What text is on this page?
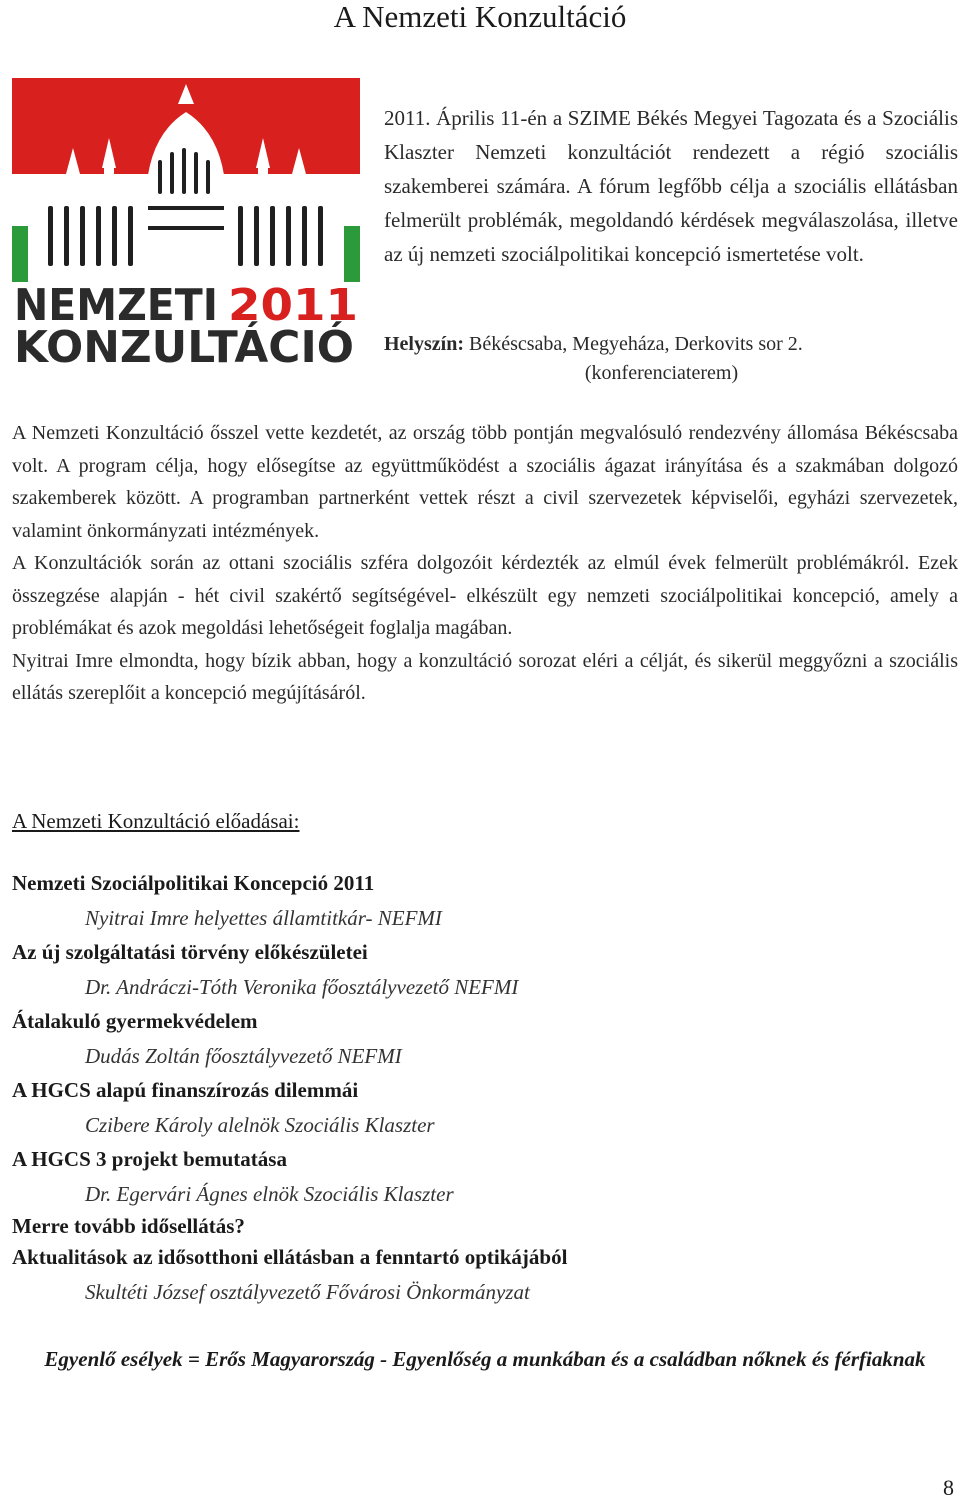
A Nemzeti Konzultáció
NEMZETI 2011
KONZULTÁCIÓ

2011. Április 11-én a SZIME Békés Megyei Tagozata és a Szociális Klaszter Nemzeti konzultációt rendezett a régió szociális szakemberei számára. A fórum legfőbb célja a szociális ellátásban felmerült problémák, megoldandó kérdések megválaszolása, illetve az új nemzeti szociálpolitikai koncepció ismertetése volt.

Helyszín: Békéscsaba, Megyeháza, Derkovits sor 2.

(konferenciaterem)

A Nemzeti Konzultáció ősszel vette kezdetét, az ország több pontján megvalósuló rendezvény állomása Békéscsaba volt. A program célja, hogy elősegítse az együttműködést a szociális ágazat irányítása és a szakmában dolgozó szakemberek között. A programban partnerként vettek részt a civil szervezetek képviselői, egyházi szervezetek, valamint önkormányzati intézmények.

A Konzultációk során az ottani szociális szféra dolgozóit kérdezték az elmúl évek felmerült problémákról. Ezek összegzése alapján - hét civil szakértő segítségével- elkészült egy nemzeti szociálpolitikai koncepció, amely a problémákat és azok megoldási lehetőségeit foglalja magában.

Nyitrai Imre elmondta, hogy bízik abban, hogy a konzultáció sorozat eléri a célját, és sikerül meggyőzni a szociális ellátás szereplőit a koncepció megújításáról.

A Nemzeti Konzultáció előadásai:

Nemzeti Szociálpolitikai Koncepció 2011

Nyitrai Imre helyettes államtitkár- NEFMI

Az új szolgáltatási törvény előkészületei

Dr. Andráczi-Tóth Veronika főosztályvezető NEFMI

Átalakuló gyermekvédelem

Dudás Zoltán főosztályvezető NEFMI

A HGCS alapú finanszírozás dilemmái

Czibere Károly alelnök Szociális Klaszter

A HGCS 3 projekt bemutatása

Dr. Egervári Ágnes elnök Szociális Klaszter

Merre tovább idősellátás?

Aktualitások az idősotthoni ellátásban a fenntartó optikájából

Skultéti József osztályvezető Fővárosi Önkormányzat

Egyenlő esélyek = Erős Magyarország - Egyenlőség a munkában és a családban nőknek és férfiaknak

8
